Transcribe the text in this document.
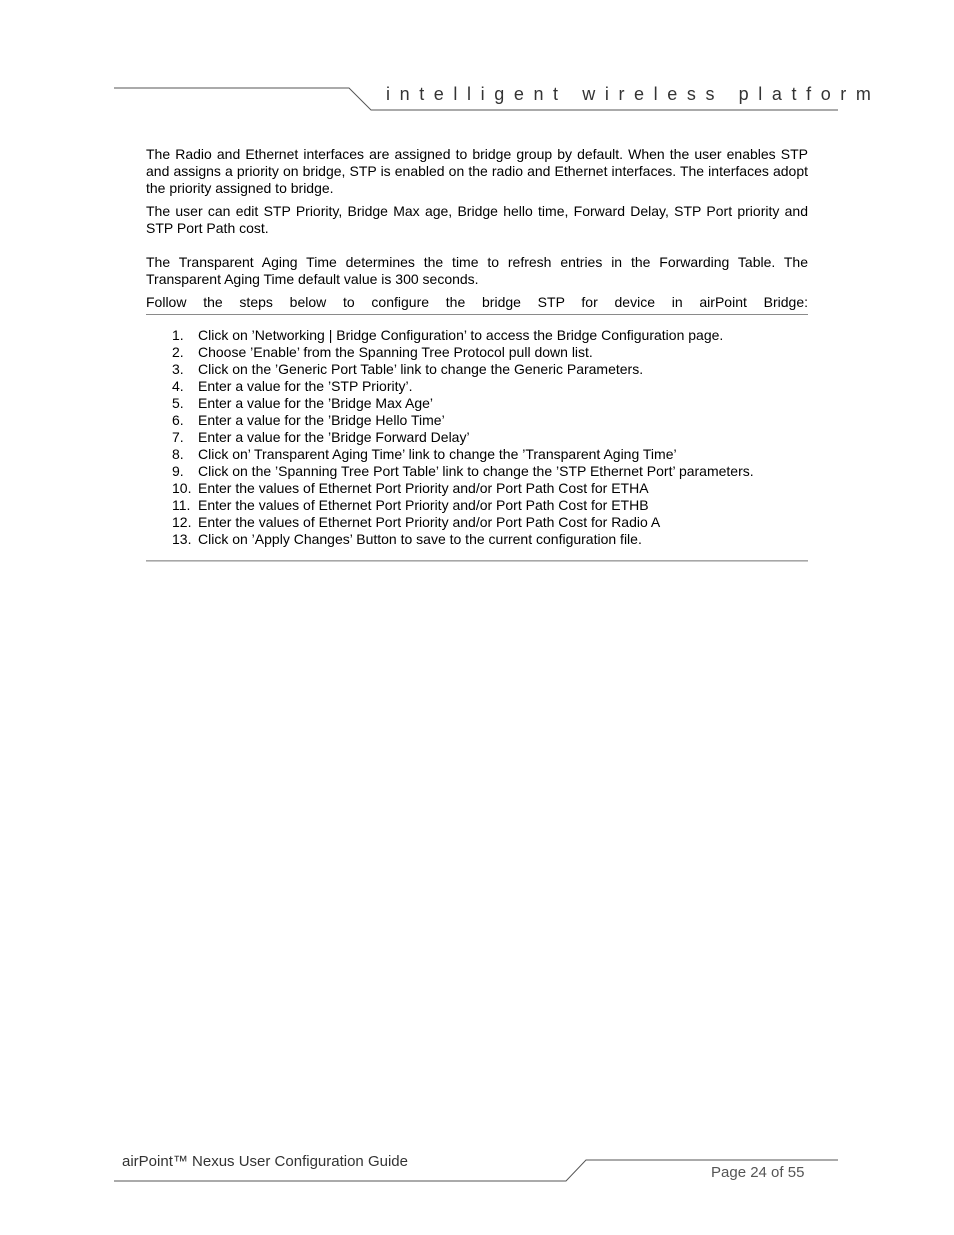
intelligent wireless platform

The Radio and Ethernet interfaces are assigned to bridge group by default. When the user enables STP and assigns a priority on bridge, STP is enabled on the radio and Ethernet interfaces. The interfaces adopt the priority assigned to bridge.

The user can edit STP Priority, Bridge Max age, Bridge hello time, Forward Delay, STP Port priority and STP Port Path cost.

The Transparent Aging Time determines the time to refresh entries in the Forwarding Table. The Transparent Aging Time default value is 300 seconds.

Follow the steps below to configure the bridge STP for device in airPoint Bridge:

1.	Click on ’Networking | Bridge Configuration’ to access the Bridge Configuration page.
2.	Choose ’Enable’ from the Spanning Tree Protocol pull down list.
3.	Click on the ’Generic Port Table’ link to change the Generic Parameters.
4.	Enter a value for the ’STP Priority’.
5.	Enter a value for the ’Bridge Max Age’
6.	Enter a value for the ’Bridge Hello Time’
7.	Enter a value for the ’Bridge Forward Delay’
8.	Click on’ Transparent Aging Time’ link to change the ’Transparent Aging Time’
9.	Click on the ’Spanning Tree Port Table’ link to change the ’STP Ethernet Port’ parameters.
10. Enter the values of Ethernet Port Priority and/or Port Path Cost for ETHA
11. Enter the values of Ethernet Port Priority and/or Port Path Cost for ETHB
12. Enter the values of Ethernet Port Priority and/or Port Path Cost for Radio A
13. Click on ’Apply Changes’ Button to save to the current configuration file.
airPoint™ Nexus User Configuration Guide
Page 24 of 55
